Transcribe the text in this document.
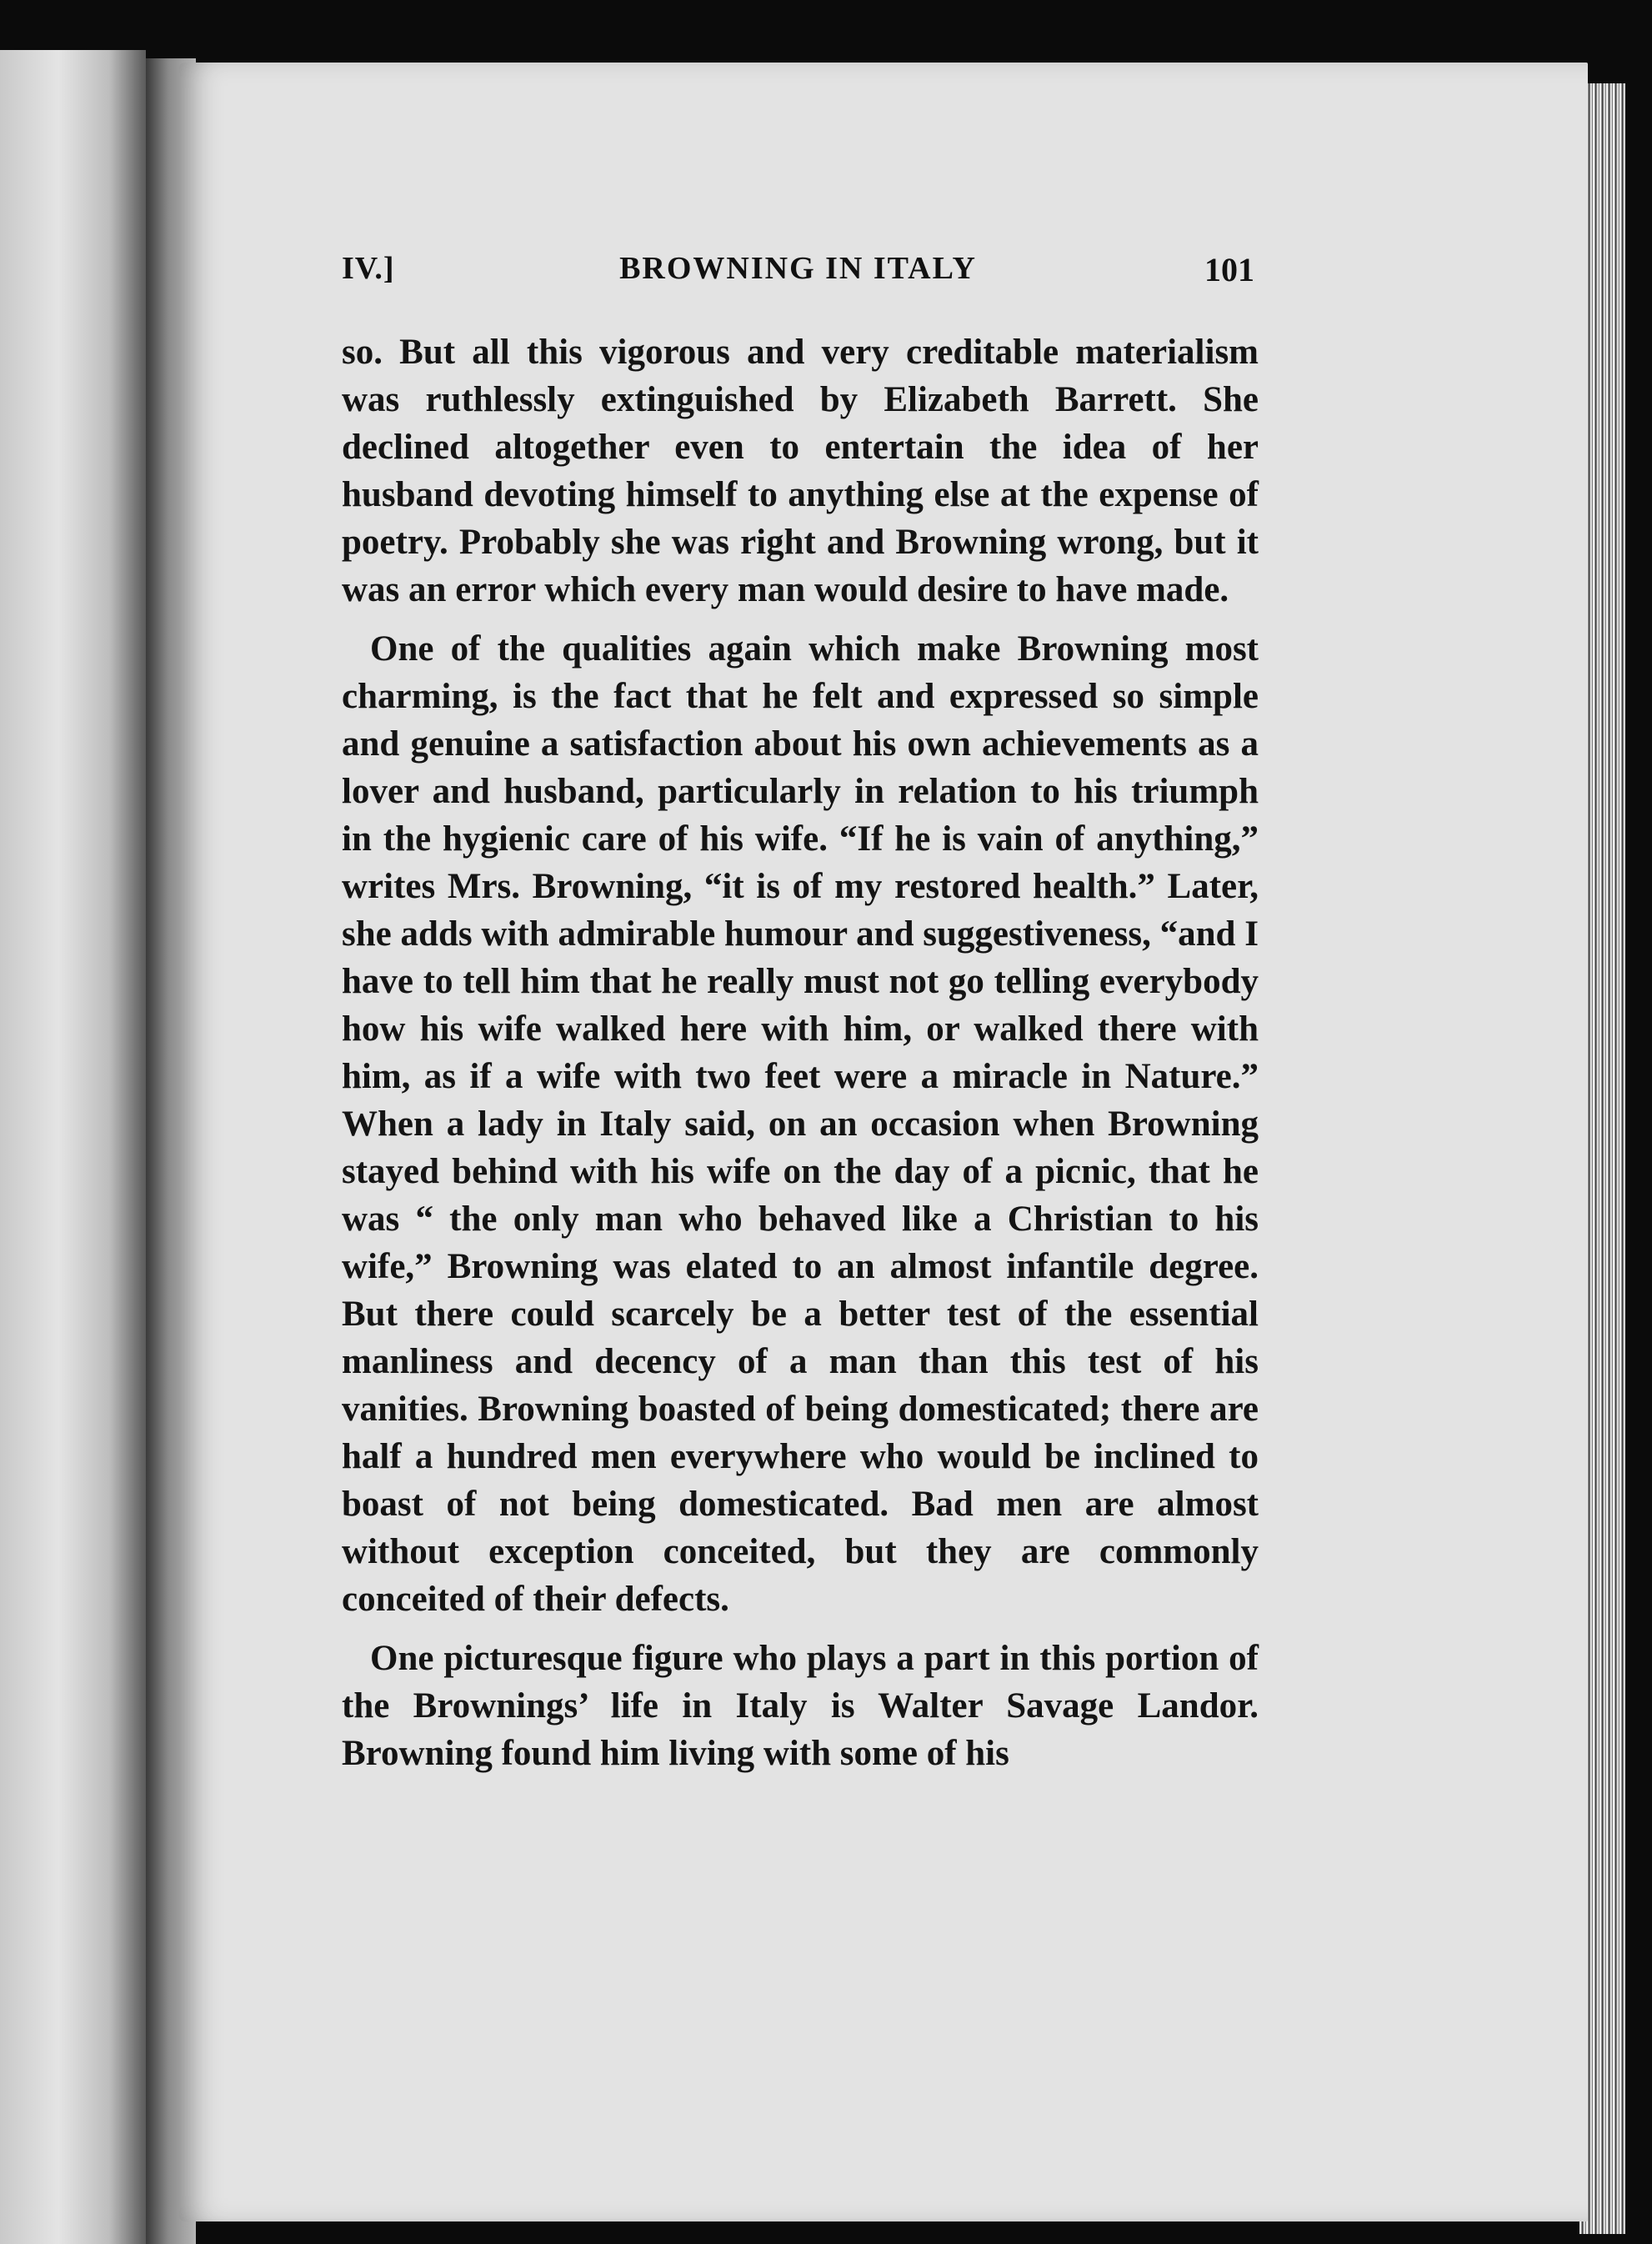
IV.]	BROWNING IN ITALY	101

so. But all this vigorous and very creditable materialism was ruthlessly extinguished by Elizabeth Barrett. She declined altogether even to entertain the idea of her husband devoting himself to anything else at the expense of poetry. Probably she was right and Browning wrong, but it was an error which every man would desire to have made.

One of the qualities again which make Browning most charming, is the fact that he felt and expressed so simple and genuine a satisfaction about his own achievements as a lover and husband, particularly in relation to his triumph in the hygienic care of his wife. “If he is vain of anything,” writes Mrs. Browning, “it is of my restored health.” Later, she adds with admirable humour and suggestiveness, “and I have to tell him that he really must not go telling everybody how his wife walked here with him, or walked there with him, as if a wife with two feet were a miracle in Nature.” When a lady in Italy said, on an occasion when Browning stayed behind with his wife on the day of a picnic, that he was “ the only man who behaved like a Christian to his wife,” Browning was elated to an almost infantile degree. But there could scarcely be a better test of the essential manliness and decency of a man than this test of his vanities. Browning boasted of being domesticated; there are half a hundred men everywhere who would be inclined to boast of not being domesticated. Bad men are almost without exception conceited, but they are commonly conceited of their defects.

One picturesque figure who plays a part in this portion of the Brownings’ life in Italy is Walter Savage Landor. Browning found him living with some of his
